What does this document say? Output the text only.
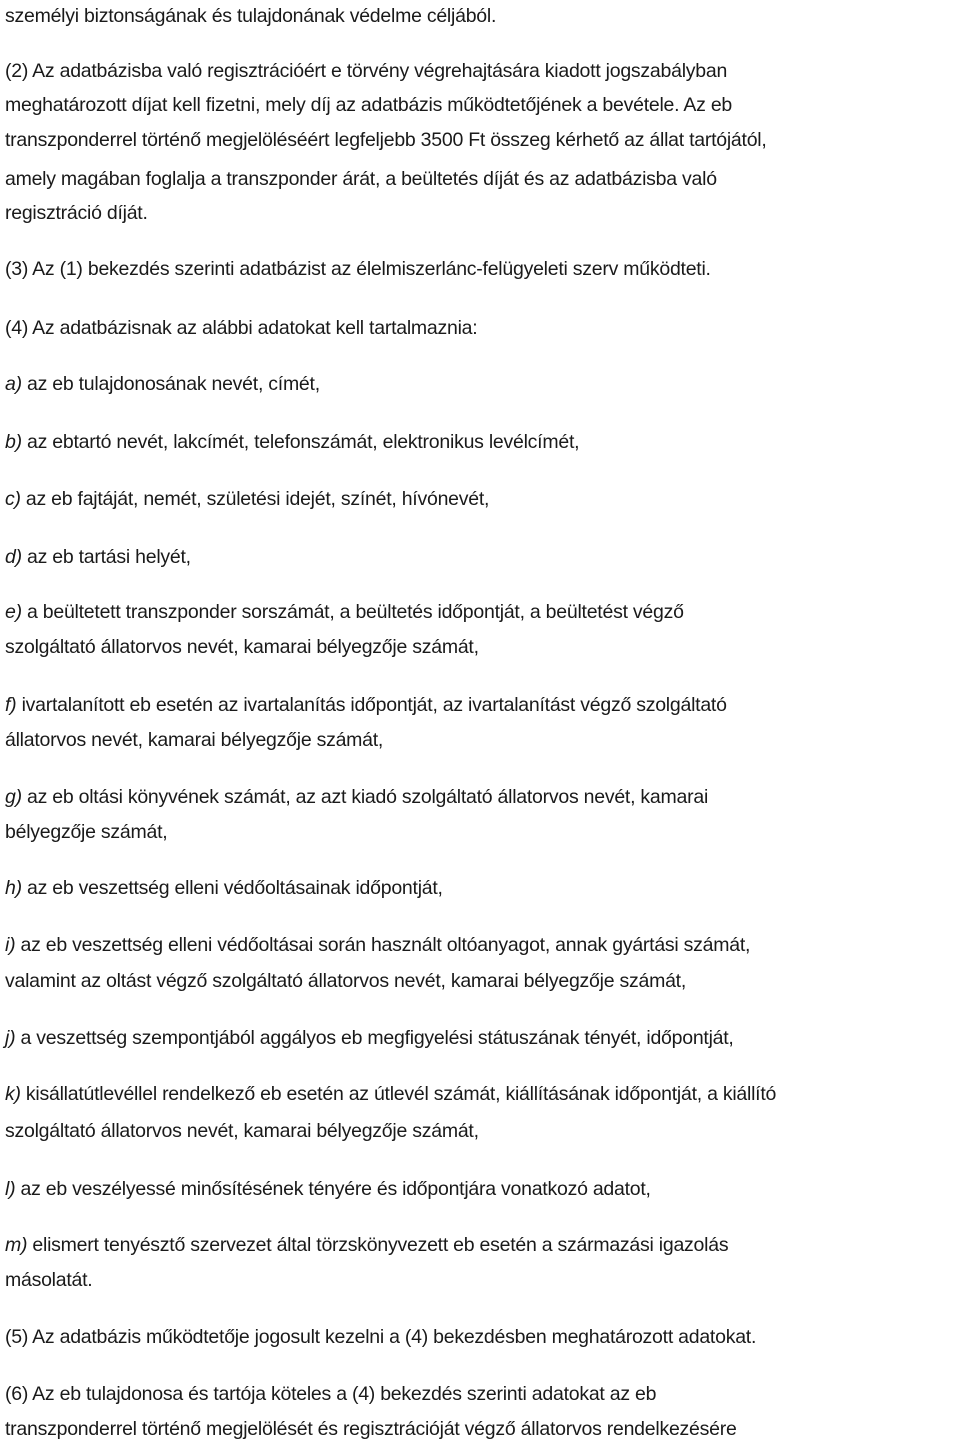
személyi biztonságának és tulajdonának védelme céljából.
(2) Az adatbázisba való regisztrációért e törvény végrehajtására kiadott jogszabályban
meghatározott díjat kell fizetni, mely díj az adatbázis működtetőjének a bevétele. Az eb
transzponderrel történő megjelöléséért legfeljebb 3500 Ft összeg kérhető az állat tartójától,
amely magában foglalja a transzponder árát, a beültetés díját és az adatbázisba való
regisztráció díját.
(3) Az (1) bekezdés szerinti adatbázist az élelmiszerlánc-felügyeleti szerv működteti.
(4) Az adatbázisnak az alábbi adatokat kell tartalmaznia:
a) az eb tulajdonosának nevét, címét,
b) az ebtartó nevét, lakcímét, telefonszámát, elektronikus levélcímét,
c) az eb fajtáját, nemét, születési idejét, színét, hívónevét,
d) az eb tartási helyét,
e) a beültetett transzponder sorszámát, a beültetés időpontját, a beültetést végző
szolgáltató állatorvos nevét, kamarai bélyegzője számát,
f) ivartalanított eb esetén az ivartalanítás időpontját, az ivartalanítást végző szolgáltató
állatorvos nevét, kamarai bélyegzője számát,
g) az eb oltási könyvének számát, az azt kiadó szolgáltató állatorvos nevét, kamarai
bélyegzője számát,
h) az eb veszettség elleni védőoltásainak időpontját,
i) az eb veszettség elleni védőoltásai során használt oltóanyagot, annak gyártási számát,
valamint az oltást végző szolgáltató állatorvos nevét, kamarai bélyegzője számát,
j) a veszettség szempontjából aggályos eb megfigyelési státuszának tényét, időpontját,
k) kisállatútlevéllel rendelkező eb esetén az útlevél számát, kiállításának időpontját, a kiállító
szolgáltató állatorvos nevét, kamarai bélyegzője számát,
l) az eb veszélyessé minősítésének tényére és időpontjára vonatkozó adatot,
m) elismert tenyésztő szervezet által törzskönyvezett eb esetén a származási igazolás
másolatát.
(5) Az adatbázis működtetője jogosult kezelni a (4) bekezdésben meghatározott adatokat.
(6) Az eb tulajdonosa és tartója köteles a (4) bekezdés szerinti adatokat az eb
transzponderrel történő megjelölését és regisztrációját végző állatorvos rendelkezésére
